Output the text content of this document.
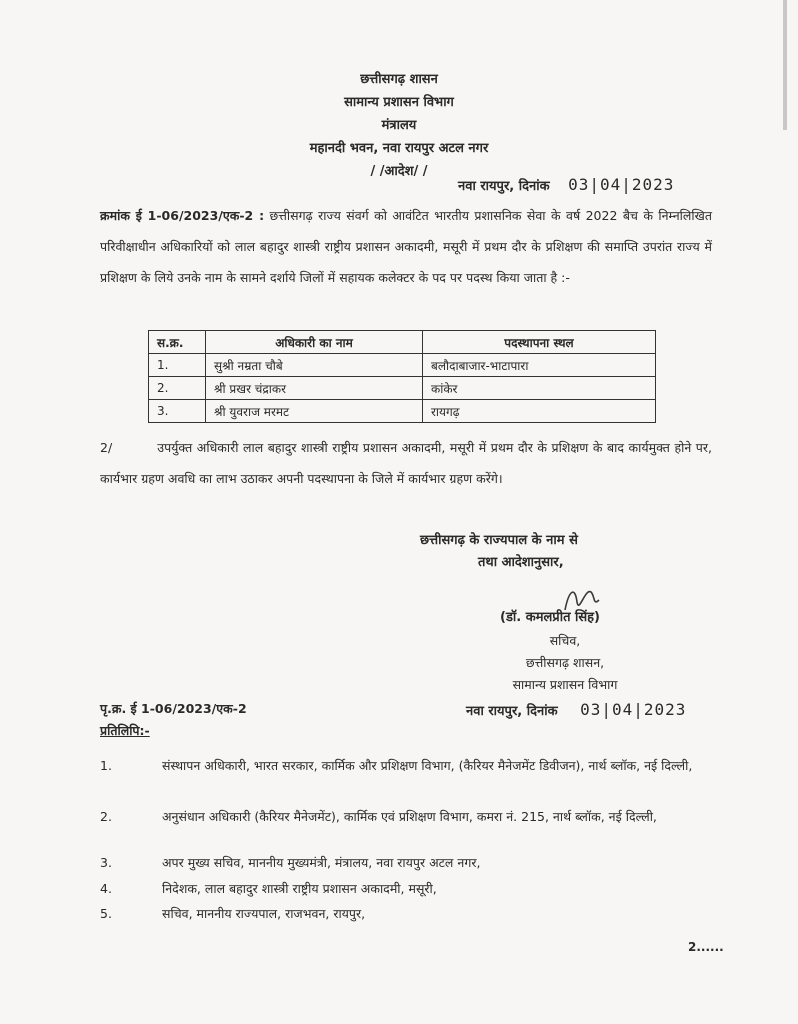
छत्तीसगढ़ शासन
सामान्य प्रशासन विभाग
मंत्रालय
महानदी भवन, नवा रायपुर अटल नगर
/ /आदेश/ /
नवा रायपुर, दिनांक 03|04|2023
क्रमांक ई 1-06/2023/एक-2 : छत्तीसगढ़ राज्य संवर्ग को आवंटित भारतीय प्रशासनिक सेवा के वर्ष 2022 बैच के निम्नलिखित परिवीक्षाधीन अधिकारियों को लाल बहादुर शास्त्री राष्ट्रीय प्रशासन अकादमी, मसूरी में प्रथम दौर के प्रशिक्षण की समाप्ति उपरांत राज्य में प्रशिक्षण के लिये उनके नाम के सामने दर्शाये जिलों में सहायक कलेक्टर के पद पर पदस्थ किया जाता है :-
स.क्र.	अधिकारी का नाम	पदस्थापना स्थल
1.	सुश्री नम्रता चौबे	बलौदाबाजार-भाटापारा
2.	श्री प्रखर चंद्राकर	कांकेर
3.	श्री युवराज मरमट	रायगढ़
2/	उपर्युक्त अधिकारी लाल बहादुर शास्त्री राष्ट्रीय प्रशासन अकादमी, मसूरी में प्रथम दौर के प्रशिक्षण के बाद कार्यमुक्त होने पर, कार्यभार ग्रहण अवधि का लाभ उठाकर अपनी पदस्थापना के जिले में कार्यभार ग्रहण करेंगे।
छत्तीसगढ़ के राज्यपाल के नाम से
तथा आदेशानुसार,
(डॉ. कमलप्रीत सिंह)
सचिव,
छत्तीसगढ़ शासन,
सामान्य प्रशासन विभाग
पृ.क्र. ई 1-06/2023/एक-2	नवा रायपुर, दिनांक 03|04|2023
प्रतिलिपि:-
1.	संस्थापन अधिकारी, भारत सरकार, कार्मिक और प्रशिक्षण विभाग, (कैरियर मैनेजमेंट डिवीजन), नार्थ ब्लॉक, नई दिल्ली,
2.	अनुसंधान अधिकारी (कैरियर मैनेजमेंट), कार्मिक एवं प्रशिक्षण विभाग, कमरा नं. 215, नार्थ ब्लॉक, नई दिल्ली,
3.	अपर मुख्य सचिव, माननीय मुख्यमंत्री, मंत्रालय, नवा रायपुर अटल नगर,
4.	निदेशक, लाल बहादुर शास्त्री राष्ट्रीय प्रशासन अकादमी, मसूरी,
5.	सचिव, माननीय राज्यपाल, राजभवन, रायपुर,
2......
